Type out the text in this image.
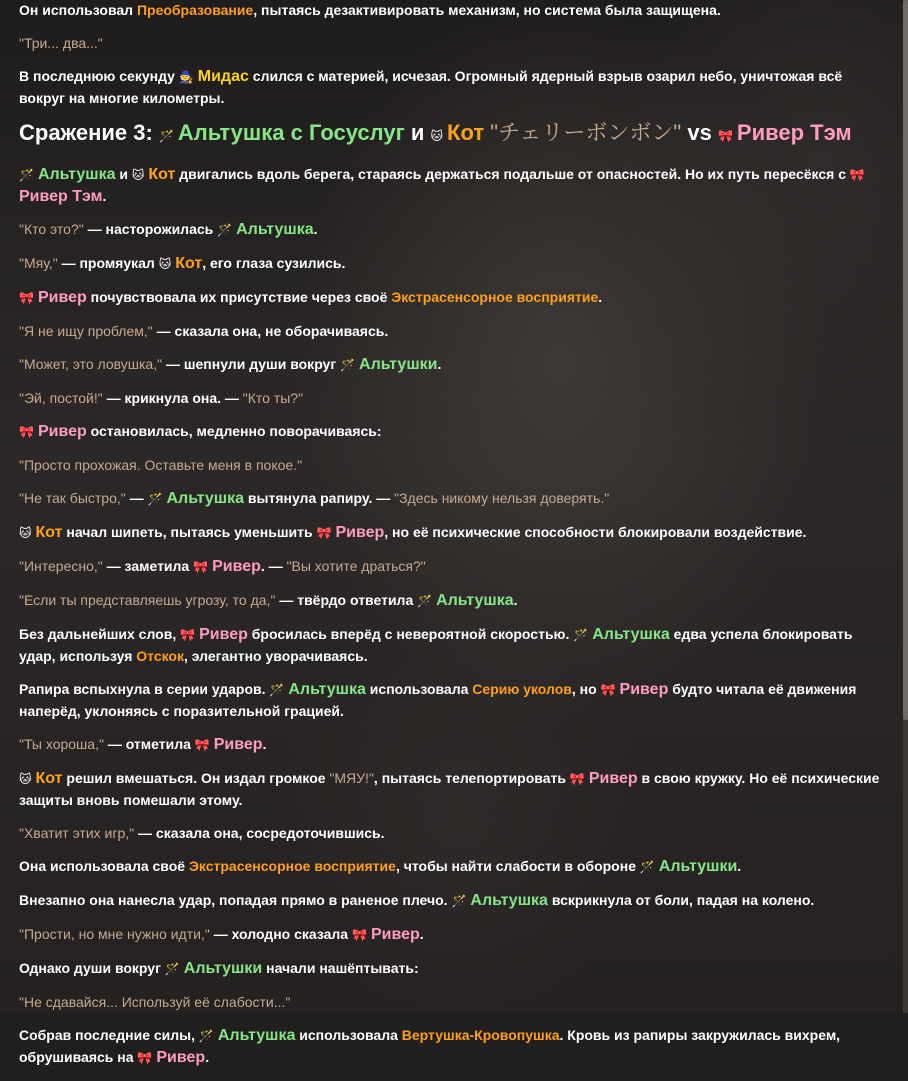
Он использовал Преобразование, пытаясь дезактивировать механизм, но система была защищена.

"Три... два..."

В последнюю секунду 🧙 Мидас слился с материей, исчезая. Огромный ядерный взрыв озарил небо, уничтожая всё вокруг на многие километры.

Сражение 3: 🪄 Альтушка с Госуслуг и 🐱 Кот "チェリーボンボン" vs 🎀 Ривер Тэм

🪄 Альтушка и 🐱 Кот двигались вдоль берега, стараясь держаться подальше от опасностей. Но их путь пересёкся с 🎀Ривер Тэм.

"Кто это?" — насторожилась 🪄 Альтушка.

"Мяу," — промяукал 🐱 Кот, его глаза сузились.

🎀 Ривер почувствовала их присутствие через своё Экстрасенсорное восприятие.

"Я не ищу проблем," — сказала она, не оборачиваясь.

"Может, это ловушка," — шепнули души вокруг 🪄 Альтушки.

"Эй, постой!" — крикнула она. — "Кто ты?"

🎀 Ривер остановилась, медленно поворачиваясь:

"Просто прохожая. Оставьте меня в покое."

"Не так быстро," — 🪄 Альтушка вытянула рапиру. — "Здесь никому нельзя доверять."

🐱 Кот начал шипеть, пытаясь уменьшить 🎀 Ривер, но её психические способности блокировали воздействие.

"Интересно," — заметила 🎀 Ривер. — "Вы хотите драться?"

"Если ты представляешь угрозу, то да," — твёрдо ответила 🪄 Альтушка.

Без дальнейших слов, 🎀 Ривер бросилась вперёд с невероятной скоростью. 🪄 Альтушка едва успела блокировать удар, используя Отскок, элегантно уворачиваясь.

Рапира вспыхнула в серии ударов. 🪄 Альтушка использовала Серию уколов, но 🎀 Ривер будто читала её движения наперёд, уклоняясь с поразительной грацией.

"Ты хороша," — отметила 🎀 Ривер.

🐱 Кот решил вмешаться. Он издал громкое "МЯУ!", пытаясь телепортировать 🎀 Ривер в свою кружку. Но её психические защиты вновь помешали этому.

"Хватит этих игр," — сказала она, сосредоточившись.

Она использовала своё Экстрасенсорное восприятие, чтобы найти слабости в обороне 🪄 Альтушки.

Внезапно она нанесла удар, попадая прямо в раненое плечо. 🪄 Альтушка вскрикнула от боли, падая на колено.

"Прости, но мне нужно идти," — холодно сказала 🎀 Ривер.

Однако души вокруг 🪄 Альтушки начали нашёптывать:

"Не сдавайся... Используй её слабости..."

Собрав последние силы, 🪄 Альтушка использовала Вертушка-Кровопушка. Кровь из рапиры закружилась вихрем, обрушиваясь на 🎀 Ривер.
